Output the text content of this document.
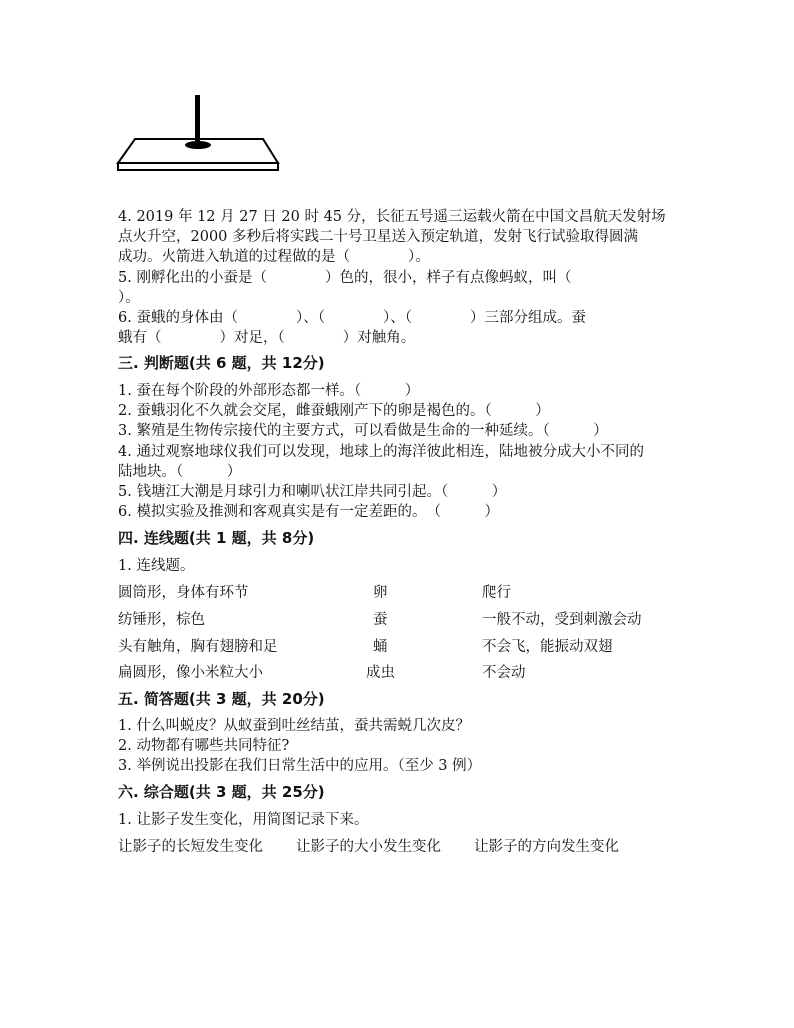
4. 2019 年 12 月 27 日 20 时 45 分，长征五号遥三运载火箭在中国文昌航天发射场
点火升空，2000 多秒后将实践二十号卫星送入预定轨道，发射飞行试验取得圆满
成功。火箭进入轨道的过程做的是（　　　　）。
5. 刚孵化出的小蚕是（　　　　）色的，很小，样子有点像蚂蚁，叫（
）。
6. 蚕蛾的身体由（　　　　）、（　　　　）、（　　　　）三部分组成。蚕
蛾有（　　　　）对足，（　　　　）对触角。
三. 判断题(共 6 题，共 12分)
1. 蚕在每个阶段的外部形态都一样。（　　　）
2. 蚕蛾羽化不久就会交尾，雌蚕蛾刚产下的卵是褐色的。（　　　）
3. 繁殖是生物传宗接代的主要方式，可以看做是生命的一种延续。（　　　）
4. 通过观察地球仪我们可以发现，地球上的海洋彼此相连，陆地被分成大小不同的
陆地块。（　　　）
5. 钱塘江大潮是月球引力和喇叭状江岸共同引起。（　　　）
6. 模拟实验及推测和客观真实是有一定差距的。　（　　　）
四. 连线题(共 1 题，共 8分)
1. 连线题。
圆筒形，身体有环节
纺锤形，棕色
头有触角，胸有翅膀和足
扁圆形，像小米粒大小
卵
蚕
蛹
成虫
爬行
一般不动，受到刺激会动
不会飞，能振动双翅
不会动
五. 简答题(共 3 题，共 20分)
1. 什么叫蜕皮？从蚁蚕到吐丝结茧，蚕共需蜕几次皮？
2. 动物都有哪些共同特征?
3. 举例说出投影在我们日常生活中的应用。（至少 3 例）
六. 综合题(共 3 题，共 25分)
1. 让影子发生变化，用简图记录下来。
让影子的长短发生变化 让影子的大小发生变化 让影子的方向发生变化
